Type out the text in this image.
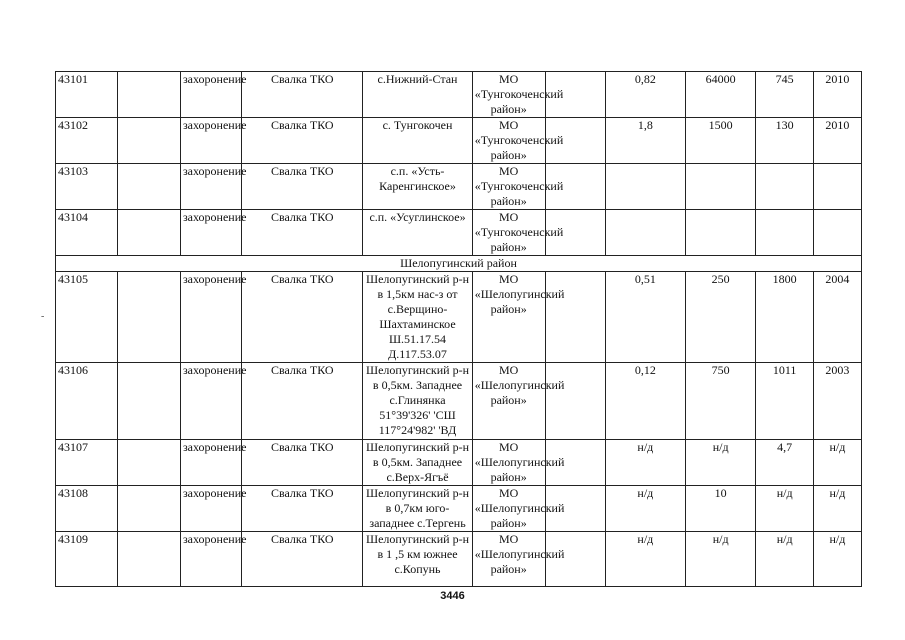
43101		захоронение	Свалка ТКО	с.Нижний-Стан	МО «Тунгокоченский район»		0,82	64000	745	2010
43102		захоронение	Свалка ТКО	с. Тунгокочен	МО «Тунгокоченский район»		1,8	1500	130	2010
43103		захоронение	Свалка ТКО	с.п. «Усть-Каренгинское»	МО «Тунгокоченский район»					
43104		захоронение	Свалка ТКО	с.п. «Усуглинское»	МО «Тунгокоченский район»					
Шелопугинский район										
43105		захоронение	Свалка ТКО	Шелопугинский р-н в 1,5км нас-з от с.Верщино-Шахтаминское Ш.51.17.54 Д.117.53.07	МО «Шелопугинский район»		0,51	250	1800	2004
43106		захоронение	Свалка ТКО	Шелопугинский р-н в 0,5км. Западнее с.Глинянка 51°39'326' 'СШ 117°24'982' 'ВД	МО «Шелопугинский район»		0,12	750	1011	2003
43107		захоронение	Свалка ТКО	Шелопугинский р-н в 0,5км. Западнее с.Верх-Ягъё	МО «Шелопугинский район»		н/д	н/д	4,7	н/д
43108		захоронение	Свалка ТКО	Шелопугинский р-н в 0,7км юго-западнее с.Тергень	МО «Шелопугинский район»		н/д	10	н/д	н/д
43109		захоронение	Свалка ТКО	Шелопугинский р-н в 1 ,5 км южнее с.Копунь	МО «Шелопугинский район»		н/д	н/д	н/д	н/д
-
3446
